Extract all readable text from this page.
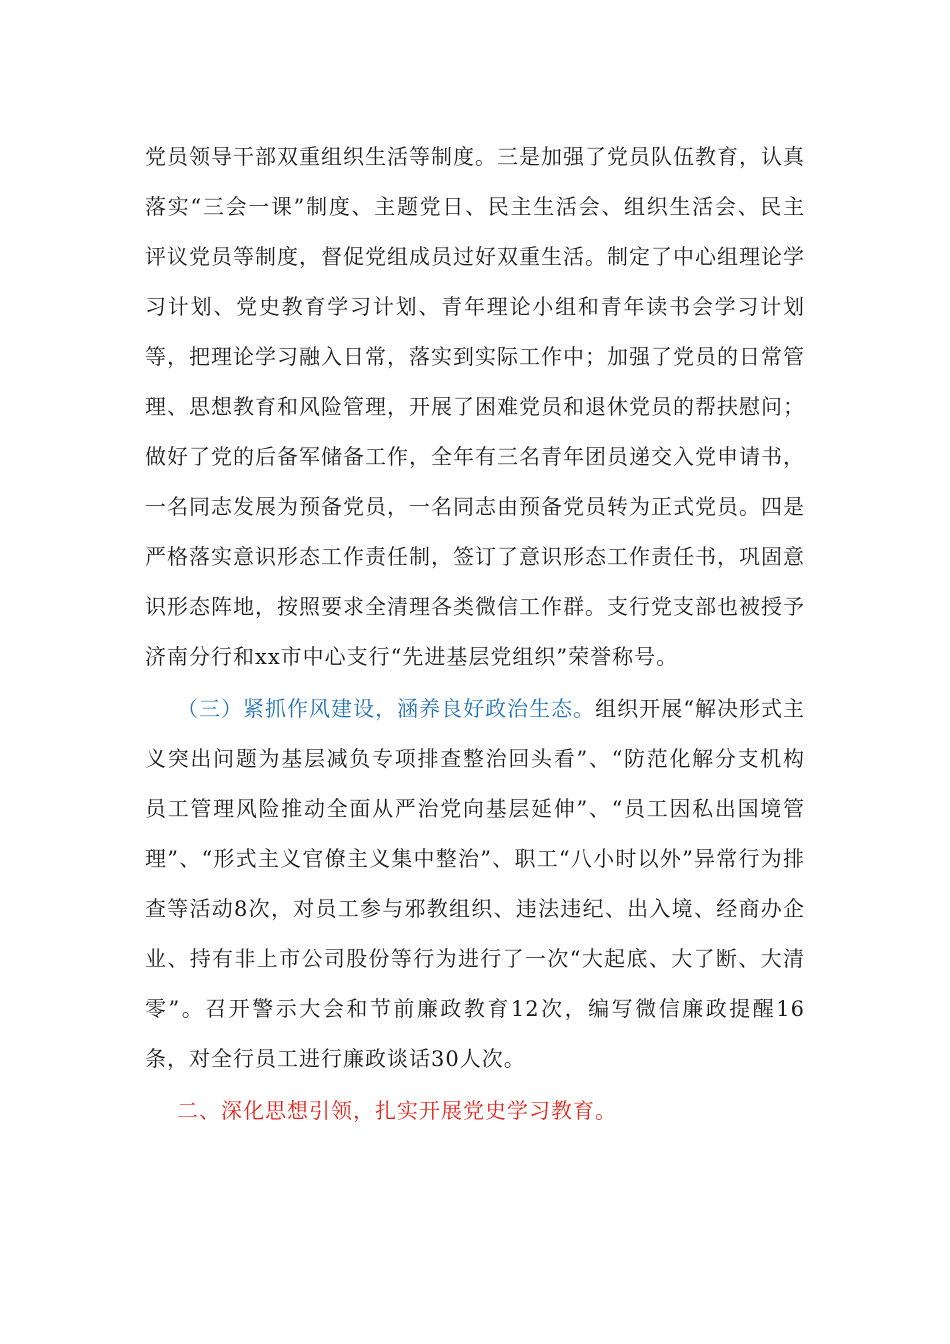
党员领导干部双重组织生活等制度。三是加强了党员队伍教育，认真落实“三会一课”制度、主题党日、民主生活会、组织生活会、民主评议党员等制度，督促党组成员过好双重生活。制定了中心组理论学习计划、党史教育学习计划、青年理论小组和青年读书会学习计划等，把理论学习融入日常，落实到实际工作中；加强了党员的日常管理、思想教育和风险管理，开展了困难党员和退休党员的帮扶慰问；做好了党的后备军储备工作，全年有三名青年团员递交入党申请书，一名同志发展为预备党员，一名同志由预备党员转为正式党员。四是严格落实意识形态工作责任制，签订了意识形态工作责任书，巩固意识形态阵地，按照要求全清理各类微信工作群。支行党支部也被授予济南分行和xx市中心支行“先进基层党组织”荣誉称号。

（三）紧抓作风建设，涵养良好政治生态。组织开展“解决形式主义突出问题为基层减负专项排查整治回头看”、“防范化解分支机构员工管理风险推动全面从严治党向基层延伸”、“员工因私出国境管理”、“形式主义官僚主义集中整治”、职工“八小时以外”异常行为排查等活动8次，对员工参与邪教组织、违法违纪、出入境、经商办企业、持有非上市公司股份等行为进行了一次“大起底、大了断、大清零”。召开警示大会和节前廉政教育12次，编写微信廉政提醒16条，对全行员工进行廉政谈话30人次。

二、深化思想引领，扎实开展党史学习教育。
